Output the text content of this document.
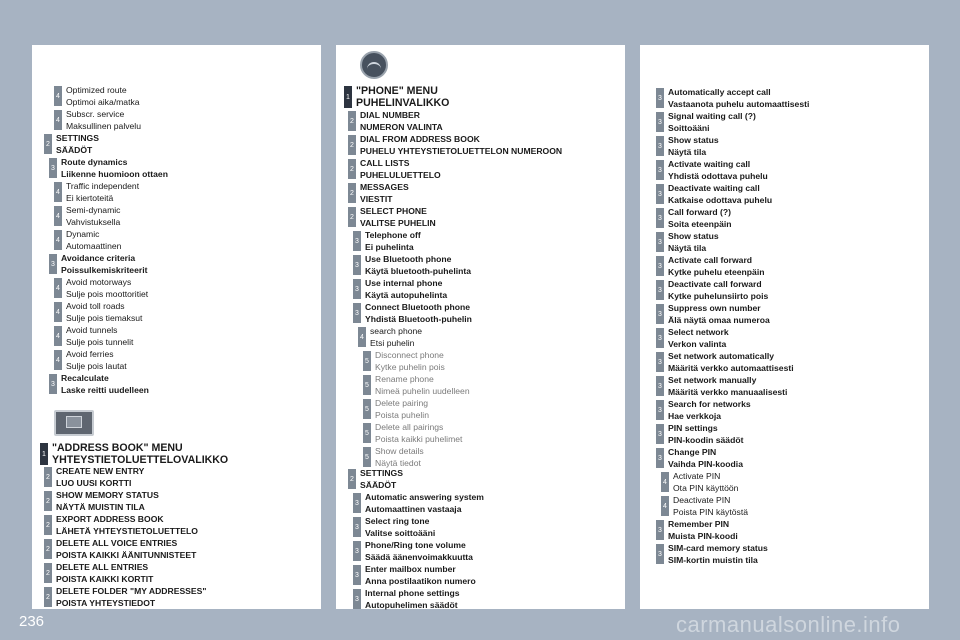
4
Optimized route
Optimoi aika/matka
4
Subscr. service
Maksullinen palvelu
2
SETTINGS
SÄÄDÖT
3
Route dynamics
Liikenne huomioon ottaen
4
Traffic independent
Ei kiertoteitä
4
Semi-dynamic
Vahvistuksella
4
Dynamic
Automaattinen
3
Avoidance criteria
Poissulkemiskriteerit
4
Avoid motorways
Sulje pois moottoritiet
4
Avoid toll roads
Sulje pois tiemaksut
4
Avoid tunnels
Sulje pois tunnelit
4
Avoid ferries
Sulje pois lautat
3
Recalculate
Laske reitti uudelleen
1 "ADDRESS BOOK" MENU
YHTEYSTIETOLUETTELOVALIKKO
2
CREATE NEW ENTRY
LUO UUSI KORTTI
2
SHOW MEMORY STATUS
NÄYTÄ MUISTIN TILA
2
EXPORT ADDRESS BOOK
LÄHETÄ YHTEYSTIETOLUETTELO
2
DELETE ALL VOICE ENTRIES
POISTA KAIKKI ÄÄNITUNNISTEET
2
DELETE ALL ENTRIES
POISTA KAIKKI KORTIT
2
DELETE FOLDER "MY ADDRESSES"
POISTA YHTEYSTIEDOT
1 "PHONE" MENU
PUHELINVALIKKO
2
DIAL NUMBER
NUMERON VALINTA
2
DIAL FROM ADDRESS BOOK
PUHELU YHTEYSTIETOLUETTELON NUMEROON
2
CALL LISTS
PUHELULUETTELO
2
MESSAGES
VIESTIT
2
SELECT PHONE
VALITSE PUHELIN
3
Telephone off
Ei puhelinta
3
Use Bluetooth phone
Käytä bluetooth-puhelinta
3
Use internal phone
Käytä autopuhelinta
3
Connect Bluetooth phone
Yhdistä Bluetooth-puhelin
4
search phone
Etsi puhelin
5
Disconnect phone
Kytke puhelin pois
5
Rename phone
Nimeä puhelin uudelleen
5
Delete pairing
Poista puhelin
5
Delete all pairings
Poista kaikki puhelimet
5
Show details
Näytä tiedot
2
SETTINGS
SÄÄDÖT
3
Automatic answering system
Automaattinen vastaaja
3
Select ring tone
Valitse soittoääni
3
Phone/Ring tone volume
Säädä äänenvoimakkuutta
3
Enter mailbox number
Anna postilaatikon numero
3
Internal phone settings
Autopuhelimen säädöt
3
Automatically accept call
Vastaanota puhelu automaattisesti
3
Signal waiting call (?)
Soittoääni
3
Show status
Näytä tila
3
Activate waiting call
Yhdistä odottava puhelu
3
Deactivate waiting call
Katkaise odottava puhelu
3
Call forward (?)
Soita eteenpäin
3
Show status
Näytä tila
3
Activate call forward
Kytke puhelu eteenpäin
3
Deactivate call forward
Kytke puhelunsiirto pois
3
Suppress own number
Älä näytä omaa numeroa
3
Select network
Verkon valinta
3
Set network automatically
Määritä verkko automaattisesti
3
Set network manually
Määritä verkko manuaalisesti
3
Search for networks
Hae verkkoja
3
PIN settings
PIN-koodin säädöt
3
Change PIN
Vaihda PIN-koodia
4
Activate PIN
Ota PIN käyttöön
4
Deactivate PIN
Poista PIN käytöstä
3
Remember PIN
Muista PIN-koodi
3
SIM-card memory status
SIM-kortin muistin tila
236	carmanualsonline.info
